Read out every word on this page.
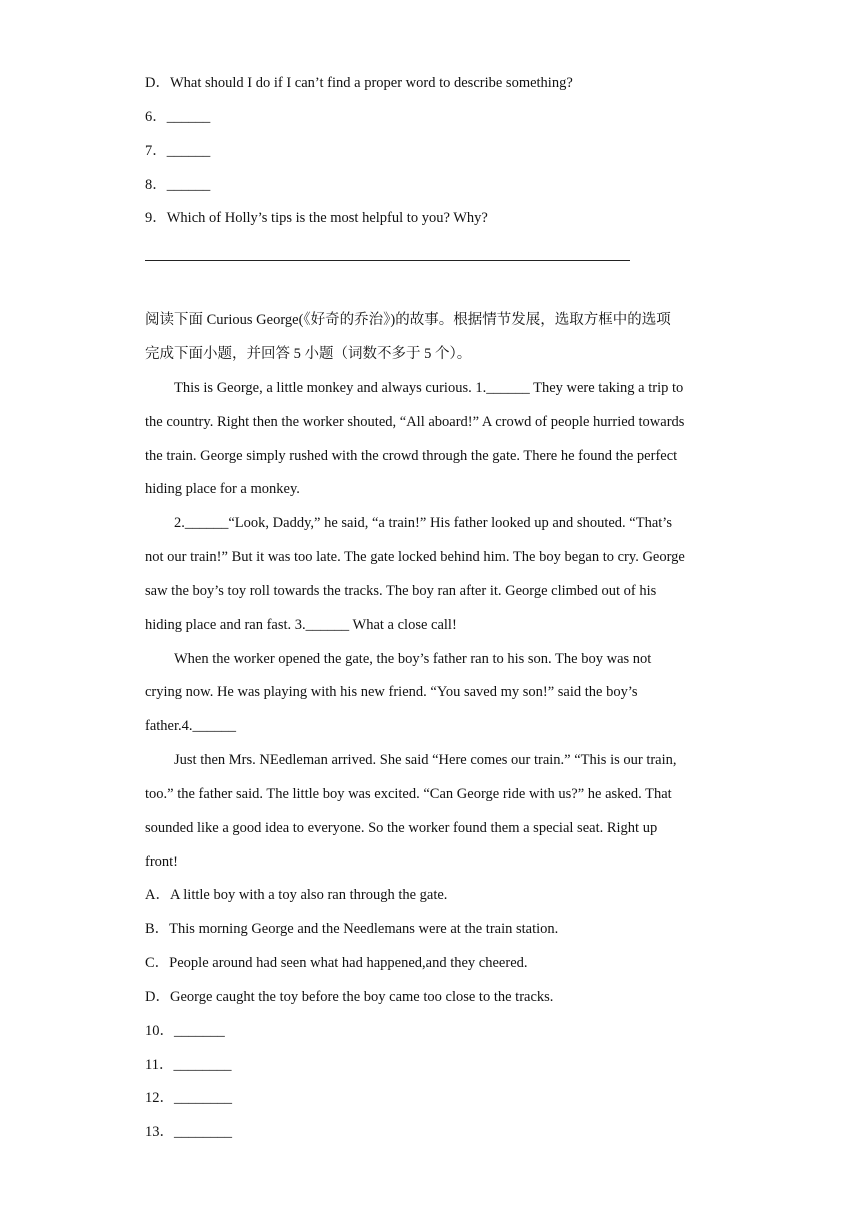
D．What should I do if I can’t find a proper word to describe something?
6．______
7．______
8．______
9．Which of Holly’s tips is the most helpful to you? Why?
阅读下面 Curious George(《好奇的乔治》)的故事。根据情节发展，选取方框中的选项
完成下面小题，并回答 5 小题（词数不多于 5 个）。
This is George, a little monkey and always curious. 1.______ They were taking a trip to
the country. Right then the worker shouted, “All aboard!” A crowd of people hurried towards
the train. George simply rushed with the crowd through the gate. There he found the perfect
hiding place for a monkey.
2.______“Look, Daddy,” he said, “a train!” His father looked up and shouted. “That’s
not our train!” But it was too late. The gate locked behind him. The boy began to cry. George
saw the boy’s toy roll towards the tracks. The boy ran after it. George climbed out of his
hiding place and ran fast. 3.______ What a close call!
When the worker opened the gate, the boy’s father ran to his son. The boy was not
crying now. He was playing with his new friend. “You saved my son!” said the boy’s
father.4.______
Just then Mrs. NEedleman arrived. She said “Here comes our train.” “This is our train,
too.” the father said. The little boy was excited. “Can George ride with us?” he asked. That
sounded like a good idea to everyone. So the worker found them a special seat. Right up
front!
A．A little boy with a toy also ran through the gate.
B．This morning George and the Needlemans were at the train station.
C．People around had seen what had happened,and they cheered.
D．George caught the toy before the boy came too close to the tracks.
10．_______
11．________
12．________
13．________
